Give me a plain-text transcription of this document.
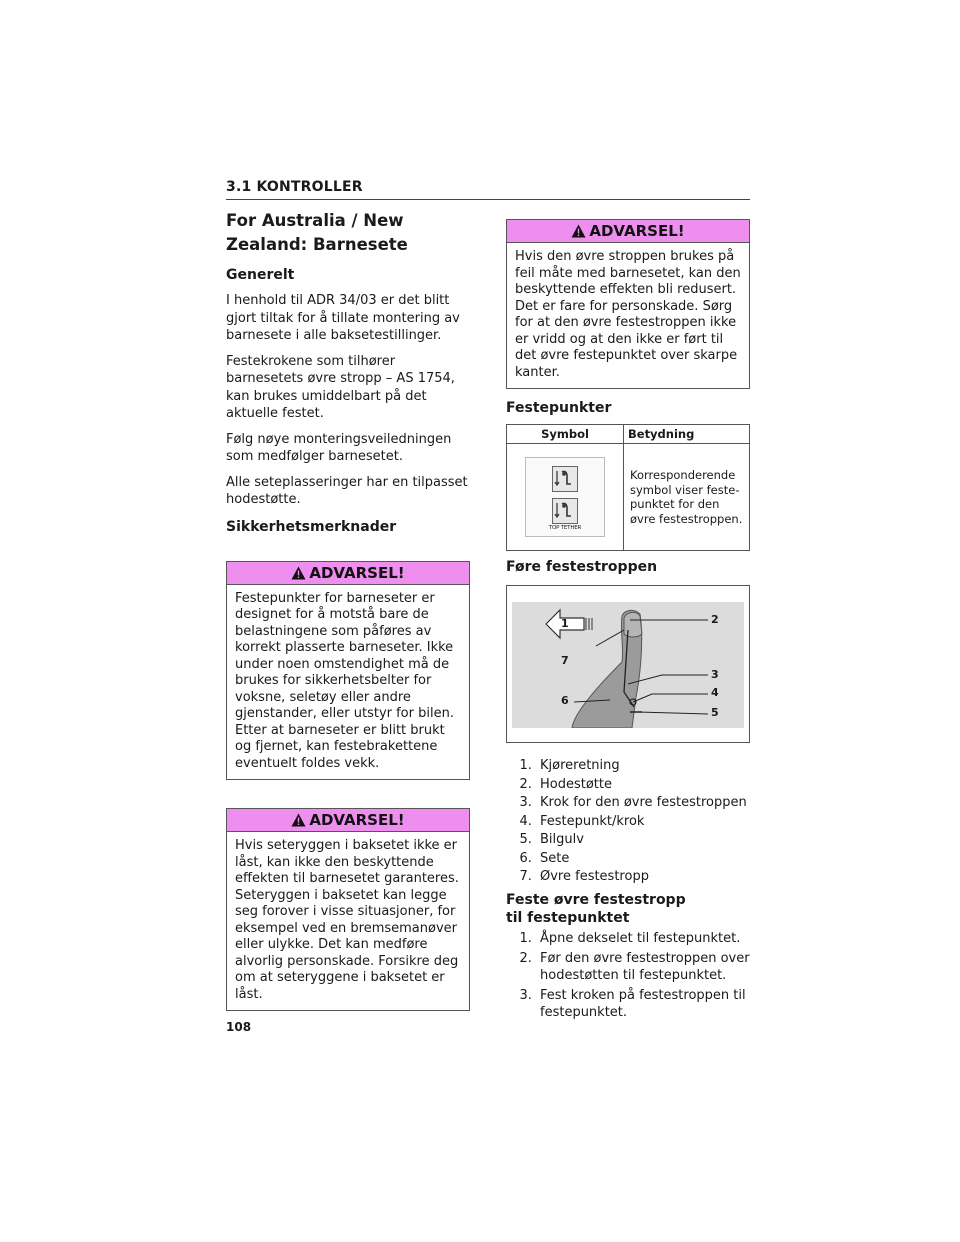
3.1 KONTROLLER

For Australia / New Zealand: Barnesete

Generelt

I henhold til ADR 34/03 er det blitt gjort tiltak for å tillate montering av barnesete i alle baksetestillinger.

Festekrokene som tilhører barnesetets øvre stropp – AS 1754, kan brukes umiddelbart på det aktuelle festet.

Følg nøye monteringsveiledningen som medfølger barnesetet.

Alle seteplasseringer har en tilpasset hodestøtte.

Sikkerhetsmerknader

ADVARSEL!
Festepunkter for barneseter er designet for å motstå bare de belastningene som påføres av korrekt plasserte barneseter. Ikke under noen omstendighet må de brukes for sikkerhetsbelter for voksne, seletøy eller andre gjenstander, eller utstyr for bilen. Etter at barneseter er blitt brukt og fjernet, kan festebrakettene eventuelt foldes vekk.
ADVARSEL!
Hvis seteryggen i baksetet ikke er låst, kan ikke den beskyttende effekten til barnesetet garanteres. Seteryggen i baksetet kan legge seg forover i visse situasjoner, for eksempel ved en bremsemanøver eller ulykke. Det kan medføre alvorlig personskade. Forsikre deg om at seteryggene i baksetet er låst.
ADVARSEL!
Hvis den øvre stroppen brukes på feil måte med barnesetet, kan den beskyttende effekten bli redusert. Det er fare for personskade. Sørg for at den øvre festestroppen ikke er vridd og at den ikke er ført til det øvre festepunktet over skarpe kanter.

Festepunkter

Symbol	Betydning

TOP TETHER	Korresponderende symbol viser feste-punktet for den øvre festestroppen.

Føre festestroppen

1	2
3
4
5
6
7
1. Kjøreretning
2. Hodestøtte
3. Krok for den øvre festestroppen
4. Festepunkt/krok
5. Bilgulv
6. Sete
7. Øvre festestropp

Feste øvre festestropp til festepunktet

1. Åpne dekselet til festepunktet.
2. Før den øvre festestroppen over hodestøtten til festepunktet.
3. Fest kroken på festestroppen til festepunktet.
108
